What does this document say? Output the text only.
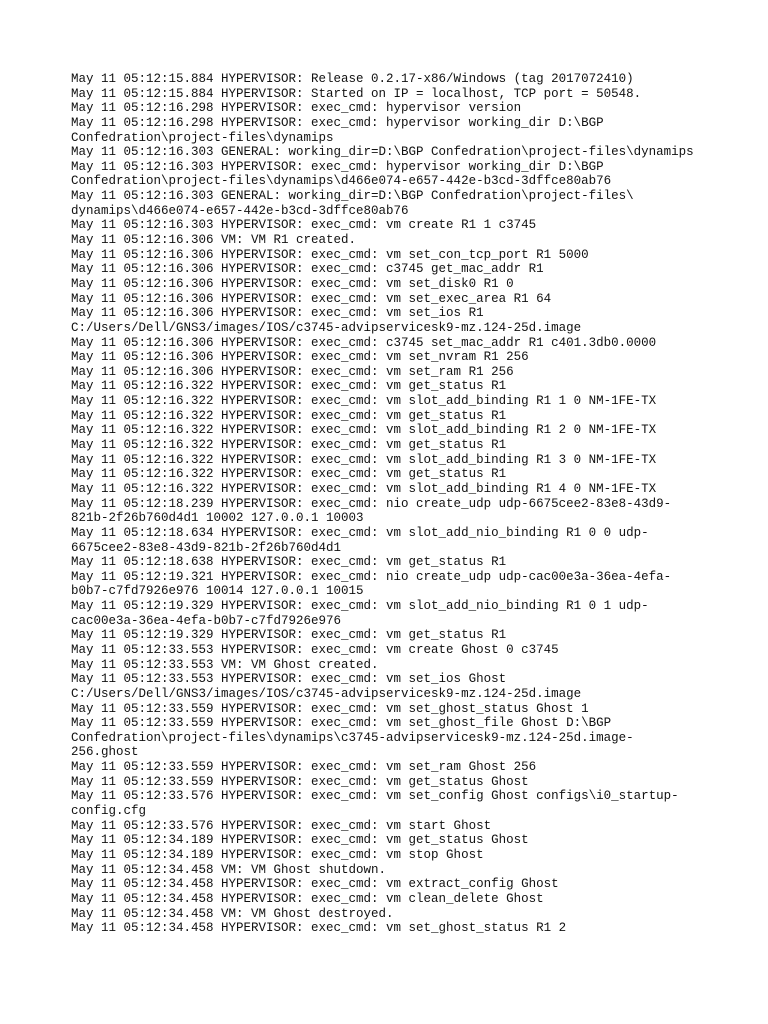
May 11 05:12:15.884 HYPERVISOR: Release 0.2.17-x86/Windows (tag 2017072410)
May 11 05:12:15.884 HYPERVISOR: Started on IP = localhost, TCP port = 50548.
May 11 05:12:16.298 HYPERVISOR: exec_cmd: hypervisor version
May 11 05:12:16.298 HYPERVISOR: exec_cmd: hypervisor working_dir D:\BGP
Confedration\project-files\dynamips
May 11 05:12:16.303 GENERAL: working_dir=D:\BGP Confedration\project-files\dynamips
May 11 05:12:16.303 HYPERVISOR: exec_cmd: hypervisor working_dir D:\BGP
Confedration\project-files\dynamips\d466e074-e657-442e-b3cd-3dffce80ab76
May 11 05:12:16.303 GENERAL: working_dir=D:\BGP Confedration\project-files\
dynamips\d466e074-e657-442e-b3cd-3dffce80ab76
May 11 05:12:16.303 HYPERVISOR: exec_cmd: vm create R1 1 c3745
May 11 05:12:16.306 VM: VM R1 created.
May 11 05:12:16.306 HYPERVISOR: exec_cmd: vm set_con_tcp_port R1 5000
May 11 05:12:16.306 HYPERVISOR: exec_cmd: c3745 get_mac_addr R1
May 11 05:12:16.306 HYPERVISOR: exec_cmd: vm set_disk0 R1 0
May 11 05:12:16.306 HYPERVISOR: exec_cmd: vm set_exec_area R1 64
May 11 05:12:16.306 HYPERVISOR: exec_cmd: vm set_ios R1
C:/Users/Dell/GNS3/images/IOS/c3745-advipservicesk9-mz.124-25d.image
May 11 05:12:16.306 HYPERVISOR: exec_cmd: c3745 set_mac_addr R1 c401.3db0.0000
May 11 05:12:16.306 HYPERVISOR: exec_cmd: vm set_nvram R1 256
May 11 05:12:16.306 HYPERVISOR: exec_cmd: vm set_ram R1 256
May 11 05:12:16.322 HYPERVISOR: exec_cmd: vm get_status R1
May 11 05:12:16.322 HYPERVISOR: exec_cmd: vm slot_add_binding R1 1 0 NM-1FE-TX
May 11 05:12:16.322 HYPERVISOR: exec_cmd: vm get_status R1
May 11 05:12:16.322 HYPERVISOR: exec_cmd: vm slot_add_binding R1 2 0 NM-1FE-TX
May 11 05:12:16.322 HYPERVISOR: exec_cmd: vm get_status R1
May 11 05:12:16.322 HYPERVISOR: exec_cmd: vm slot_add_binding R1 3 0 NM-1FE-TX
May 11 05:12:16.322 HYPERVISOR: exec_cmd: vm get_status R1
May 11 05:12:16.322 HYPERVISOR: exec_cmd: vm slot_add_binding R1 4 0 NM-1FE-TX
May 11 05:12:18.239 HYPERVISOR: exec_cmd: nio create_udp udp-6675cee2-83e8-43d9-
821b-2f26b760d4d1 10002 127.0.0.1 10003
May 11 05:12:18.634 HYPERVISOR: exec_cmd: vm slot_add_nio_binding R1 0 0 udp-
6675cee2-83e8-43d9-821b-2f26b760d4d1
May 11 05:12:18.638 HYPERVISOR: exec_cmd: vm get_status R1
May 11 05:12:19.321 HYPERVISOR: exec_cmd: nio create_udp udp-cac00e3a-36ea-4efa-
b0b7-c7fd7926e976 10014 127.0.0.1 10015
May 11 05:12:19.329 HYPERVISOR: exec_cmd: vm slot_add_nio_binding R1 0 1 udp-
cac00e3a-36ea-4efa-b0b7-c7fd7926e976
May 11 05:12:19.329 HYPERVISOR: exec_cmd: vm get_status R1
May 11 05:12:33.553 HYPERVISOR: exec_cmd: vm create Ghost 0 c3745
May 11 05:12:33.553 VM: VM Ghost created.
May 11 05:12:33.553 HYPERVISOR: exec_cmd: vm set_ios Ghost
C:/Users/Dell/GNS3/images/IOS/c3745-advipservicesk9-mz.124-25d.image
May 11 05:12:33.559 HYPERVISOR: exec_cmd: vm set_ghost_status Ghost 1
May 11 05:12:33.559 HYPERVISOR: exec_cmd: vm set_ghost_file Ghost D:\BGP
Confedration\project-files\dynamips\c3745-advipservicesk9-mz.124-25d.image-
256.ghost
May 11 05:12:33.559 HYPERVISOR: exec_cmd: vm set_ram Ghost 256
May 11 05:12:33.559 HYPERVISOR: exec_cmd: vm get_status Ghost
May 11 05:12:33.576 HYPERVISOR: exec_cmd: vm set_config Ghost configs\i0_startup-
config.cfg
May 11 05:12:33.576 HYPERVISOR: exec_cmd: vm start Ghost
May 11 05:12:34.189 HYPERVISOR: exec_cmd: vm get_status Ghost
May 11 05:12:34.189 HYPERVISOR: exec_cmd: vm stop Ghost
May 11 05:12:34.458 VM: VM Ghost shutdown.
May 11 05:12:34.458 HYPERVISOR: exec_cmd: vm extract_config Ghost
May 11 05:12:34.458 HYPERVISOR: exec_cmd: vm clean_delete Ghost
May 11 05:12:34.458 VM: VM Ghost destroyed.
May 11 05:12:34.458 HYPERVISOR: exec_cmd: vm set_ghost_status R1 2
